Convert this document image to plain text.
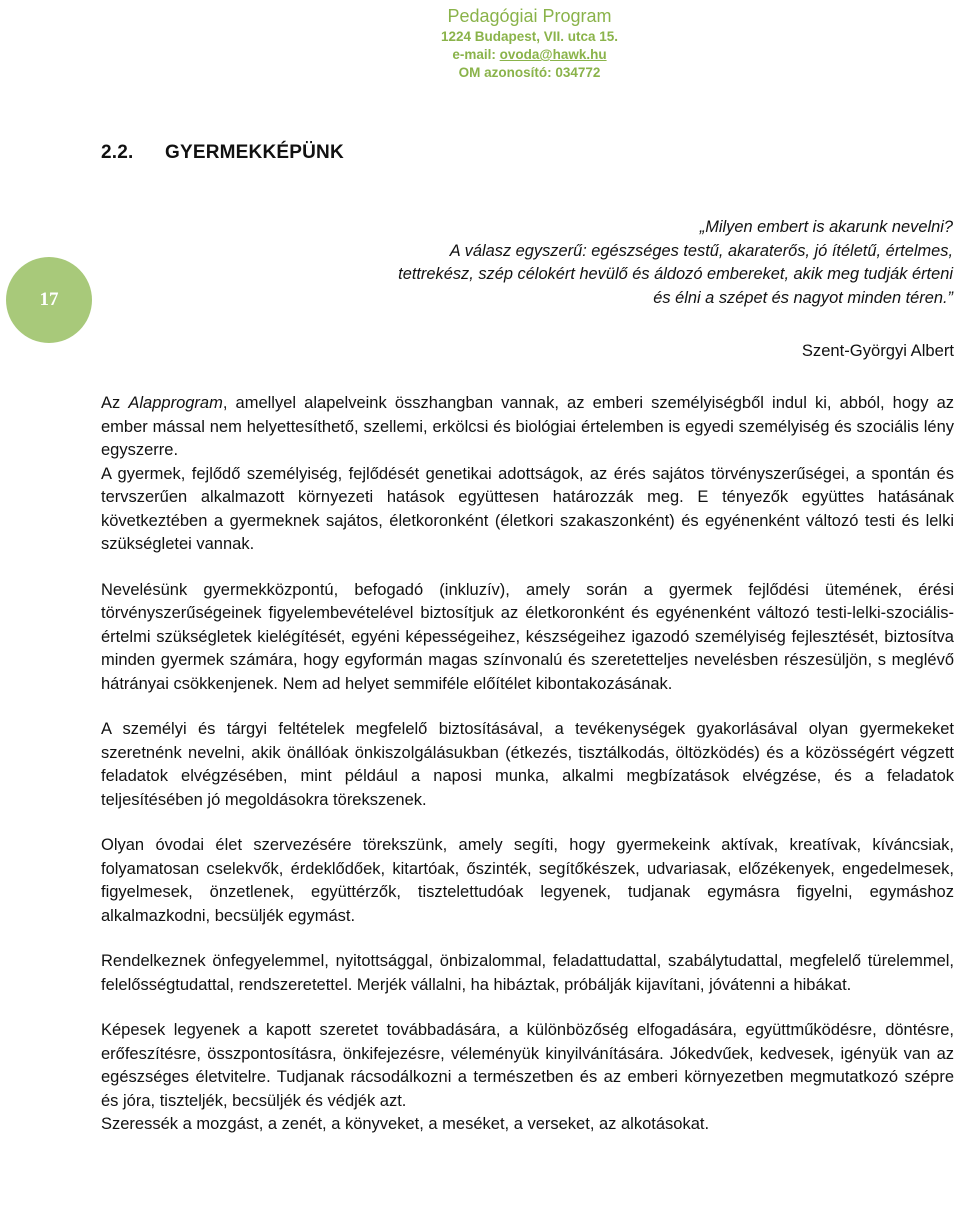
Pedagógiai Program
1224 Budapest, VII. utca 15.
e-mail: ovoda@hawk.hu
OM azonosító: 034772
2.2. GYERMEKKÉPÜNK
17

„Milyen embert is akarunk nevelni?

A válasz egyszerű: egészséges testű, akaraterős, jó ítéletű, értelmes,

tettrekész, szép célokért hevülő és áldozó embereket, akik meg tudják érteni

és élni a szépet és nagyot minden téren.”

Szent-Györgyi Albert

Az Alapprogram, amellyel alapelveink összhangban vannak, az emberi személyiségből indul ki, abból, hogy az ember mással nem helyettesíthető, szellemi, erkölcsi és biológiai értelemben is egyedi személyiség és szociális lény egyszerre.

A gyermek, fejlődő személyiség, fejlődését genetikai adottságok, az érés sajátos törvényszerűségei, a spontán és tervszerűen alkalmazott környezeti hatások együttesen határozzák meg. E tényezők együttes hatásának következtében a gyermeknek sajátos, életkoronként (életkori szakaszonként) és egyénenként változó testi és lelki szükségletei vannak.

Nevelésünk gyermekközpontú, befogadó (inkluzív), amely során a gyermek fejlődési ütemének, érési törvényszerűségeinek figyelembevételével biztosítjuk az életkoronként és egyénenként változó testi-lelki-szociális-értelmi szükségletek kielégítését, egyéni képességeihez, készségeihez igazodó személyiség fejlesztését, biztosítva minden gyermek számára, hogy egyformán magas színvonalú és szeretetteljes nevelésben részesüljön, s meglévő hátrányai csökkenjenek. Nem ad helyet semmiféle előítélet kibontakozásának.

A személyi és tárgyi feltételek megfelelő biztosításával, a tevékenységek gyakorlásával olyan gyermekeket szeretnénk nevelni, akik önállóak önkiszolgálásukban (étkezés, tisztálkodás, öltözködés) és a közösségért végzett feladatok elvégzésében, mint például a naposi munka, alkalmi megbízatások elvégzése, és a feladatok teljesítésében jó megoldásokra törekszenek.

Olyan óvodai élet szervezésére törekszünk, amely segíti, hogy gyermekeink aktívak, kreatívak, kíváncsiak, folyamatosan cselekvők, érdeklődőek, kitartóak, őszinték, segítőkészek, udvariasak, előzékenyek, engedelmesek, figyelmesek, önzetlenek, együttérzők, tisztelettudóak legyenek, tudjanak egymásra figyelni, egymáshoz alkalmazkodni, becsüljék egymást.

Rendelkeznek önfegyelemmel, nyitottsággal, önbizalommal, feladattudattal, szabálytudattal, megfelelő türelemmel, felelősségtudattal, rendszeretettel. Merjék vállalni, ha hibáztak, próbálják kijavítani, jóvátenni a hibákat.

Képesek legyenek a kapott szeretet továbbadására, a különbözőség elfogadására, együttműködésre, döntésre, erőfeszítésre, összpontosításra, önkifejezésre, véleményük kinyilvánítására. Jókedvűek, kedvesek, igényük van az egészséges életvitelre. Tudjanak rácsodálkozni a természetben és az emberi környezetben megmutatkozó szépre és jóra, tiszteljék, becsüljék és védjék azt.

Szeressék a mozgást, a zenét, a könyveket, a meséket, a verseket, az alkotásokat.
